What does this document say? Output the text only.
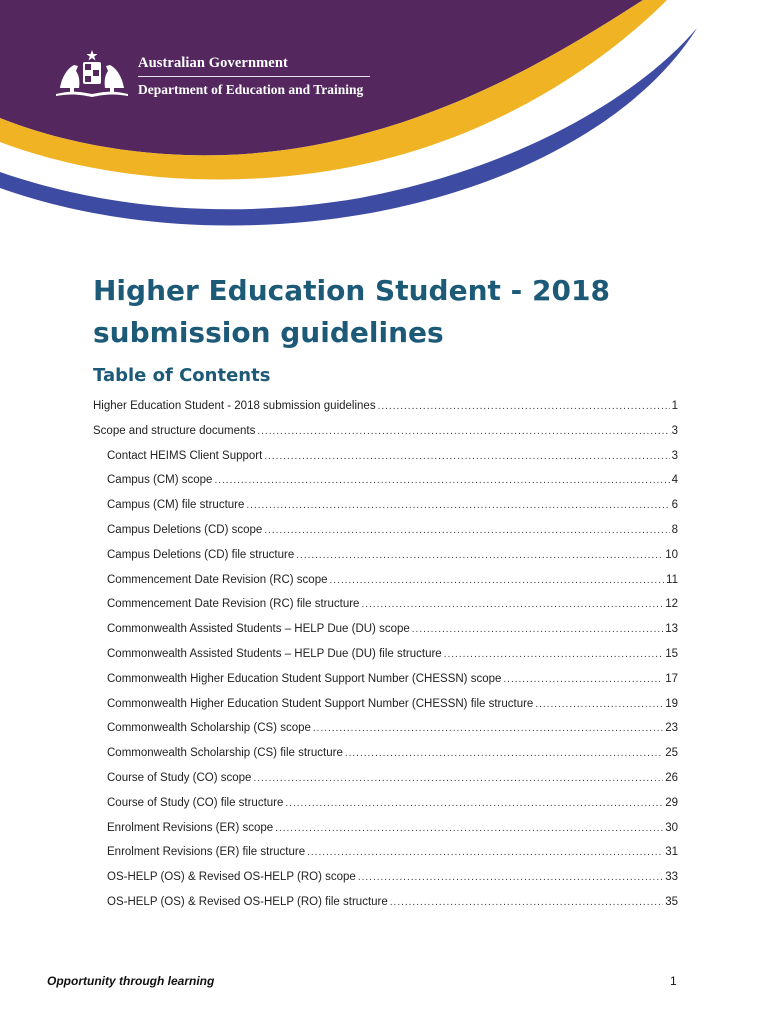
Australian Government
Department of Education and Training
Higher Education Student - 2018 submission guidelines
Table of Contents
Higher Education Student - 2018 submission guidelines .....	1
Scope and structure documents .....	3
Contact HEIMS Client Support .....	3
Campus (CM) scope .....	4
Campus (CM) file structure .....	6
Campus Deletions (CD) scope .....	8
Campus Deletions (CD) file structure .....	10
Commencement Date Revision (RC) scope .....	11
Commencement Date Revision (RC) file structure .....	12
Commonwealth Assisted Students – HELP Due (DU) scope .....	13
Commonwealth Assisted Students – HELP Due (DU) file structure .....	15
Commonwealth Higher Education Student Support Number (CHESSN) scope .....	17
Commonwealth Higher Education Student Support Number (CHESSN) file structure .....	19
Commonwealth Scholarship (CS) scope .....	23
Commonwealth Scholarship (CS) file structure .....	25
Course of Study (CO) scope .....	26
Course of Study (CO) file structure .....	29
Enrolment Revisions (ER) scope .....	30
Enrolment Revisions (ER) file structure .....	31
OS-HELP (OS) & Revised OS-HELP (RO) scope .....	33
OS-HELP (OS) & Revised OS-HELP (RO) file structure .....	35

Opportunity through learning	1
